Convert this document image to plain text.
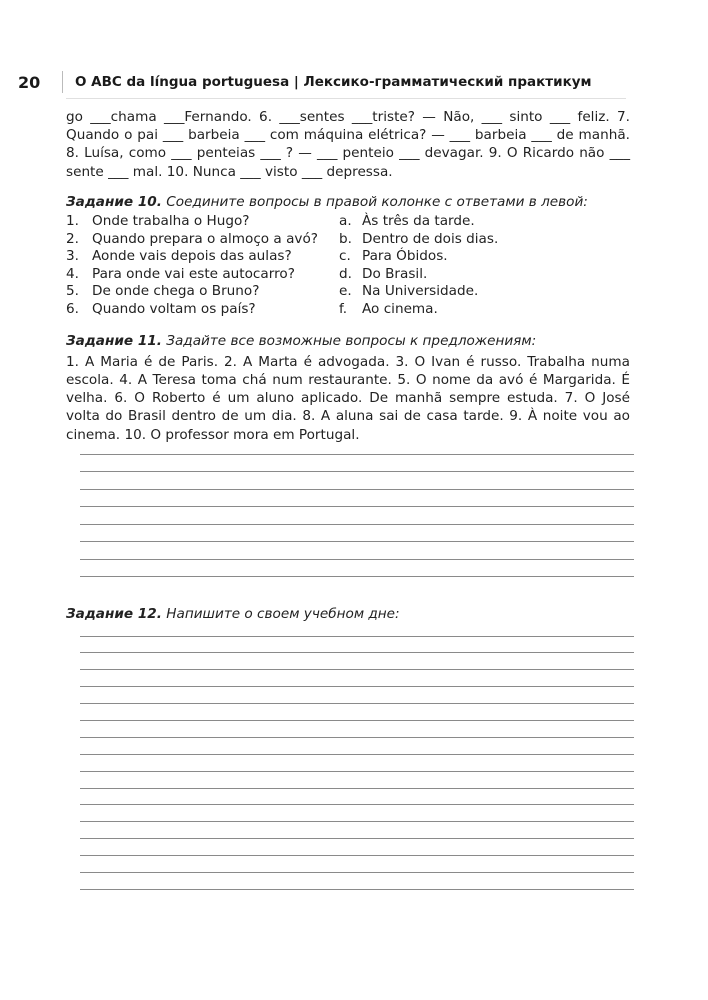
20	O ABC da língua portuguesa | Лексико-грамматический практикум

go ___chama ___Fernando. 6. ___sentes ___triste? — Não, ___ sinto ___ feliz. 7. Quando o pai ___ barbeia ___ com máquina elétrica? — ___ barbeia ___ de manhã. 8. Luísa, como ___ penteias ___ ? — ___ penteio ___ devagar. 9. O Ricardo não ___ sente ___ mal. 10. Nunca ___ visto ___ depressa.

Задание 10. Соедините вопросы в правой колонке с ответами в левой:

1.	Onde trabalha o Hugo?	a.	Às três da tarde.
2.	Quando prepara o almoço a avó?	b.	Dentro de dois dias.
3.	Aonde vais depois das aulas?	c.	Para Óbidos.
4.	Para onde vai este autocarro?	d.	Do Brasil.
5.	De onde chega o Bruno?	e.	Na Universidade.
6.	Quando voltam os país?	f.	Ao cinema.

Задание 11. Задайте все возможные вопросы к предложениям:

1. A Maria é de Paris. 2. A Marta é advogada. 3. O Ivan é russo. Trabalha numa escola. 4. A Teresa toma chá num restaurante. 5. O nome da avó é Margarida. É velha. 6. O Roberto é um aluno aplicado. De manhã sempre estuda. 7. O José volta do Brasil dentro de um dia. 8. A aluna sai de casa tarde. 9. À noite vou ao cinema. 10. O professor mora em Portugal.

Задание 12. Напишите о своем учебном дне:
